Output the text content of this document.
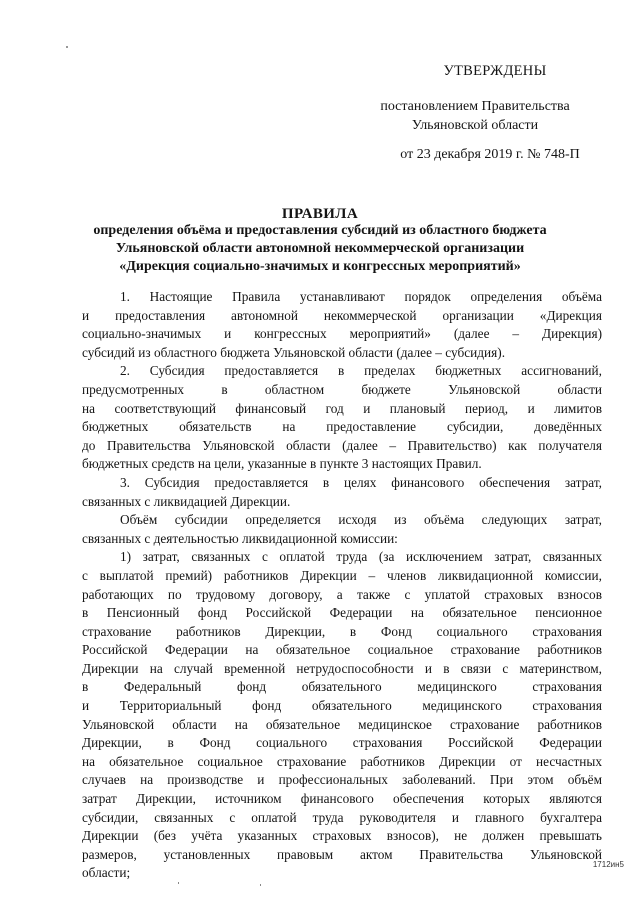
УТВЕРЖДЕНЫ
постановлением Правительства
Ульяновской области
от 23 декабря 2019 г. № 748-П
ПРАВИЛА
определения объёма и предоставления субсидий из областного бюджета
Ульяновской области автономной некоммерческой организации
«Дирекция социально-значимых и конгрессных мероприятий»
1. Настоящие Правила устанавливают порядок определения объёма
и предоставления автономной некоммерческой организации «Дирекция
социально-значимых и конгрессных мероприятий» (далее – Дирекция)
субсидий из областного бюджета Ульяновской области (далее – субсидия).
2. Субсидия предоставляется в пределах бюджетных ассигнований,
предусмотренных в областном бюджете Ульяновской области
на соответствующий финансовый год и плановый период, и лимитов
бюджетных обязательств на предоставление субсидии, доведённых
до Правительства Ульяновской области (далее – Правительство) как получателя
бюджетных средств на цели, указанные в пункте 3 настоящих Правил.
3. Субсидия предоставляется в целях финансового обеспечения затрат,
связанных с ликвидацией Дирекции.
Объём субсидии определяется исходя из объёма следующих затрат,
связанных с деятельностью ликвидационной комиссии:
1) затрат, связанных с оплатой труда (за исключением затрат, связанных
с выплатой премий) работников Дирекции – членов ликвидационной комиссии,
работающих по трудовому договору, а также с уплатой страховых взносов
в Пенсионный фонд Российской Федерации на обязательное пенсионное
страхование работников Дирекции, в Фонд социального страхования
Российской Федерации на обязательное социальное страхование работников
Дирекции на случай временной нетрудоспособности и в связи с материнством,
в Федеральный фонд обязательного медицинского страхования
и Территориальный фонд обязательного медицинского страхования
Ульяновской области на обязательное медицинское страхование работников
Дирекции, в Фонд социального страхования Российской Федерации
на обязательное социальное страхование работников Дирекции от несчастных
случаев на производстве и профессиональных заболеваний. При этом объём
затрат Дирекции, источником финансового обеспечения которых являются
субсидии, связанных с оплатой труда руководителя и главного бухгалтера
Дирекции (без учёта указанных страховых взносов), не должен превышать
размеров, установленных правовым актом Правительства Ульяновской
области;
1712ин5
